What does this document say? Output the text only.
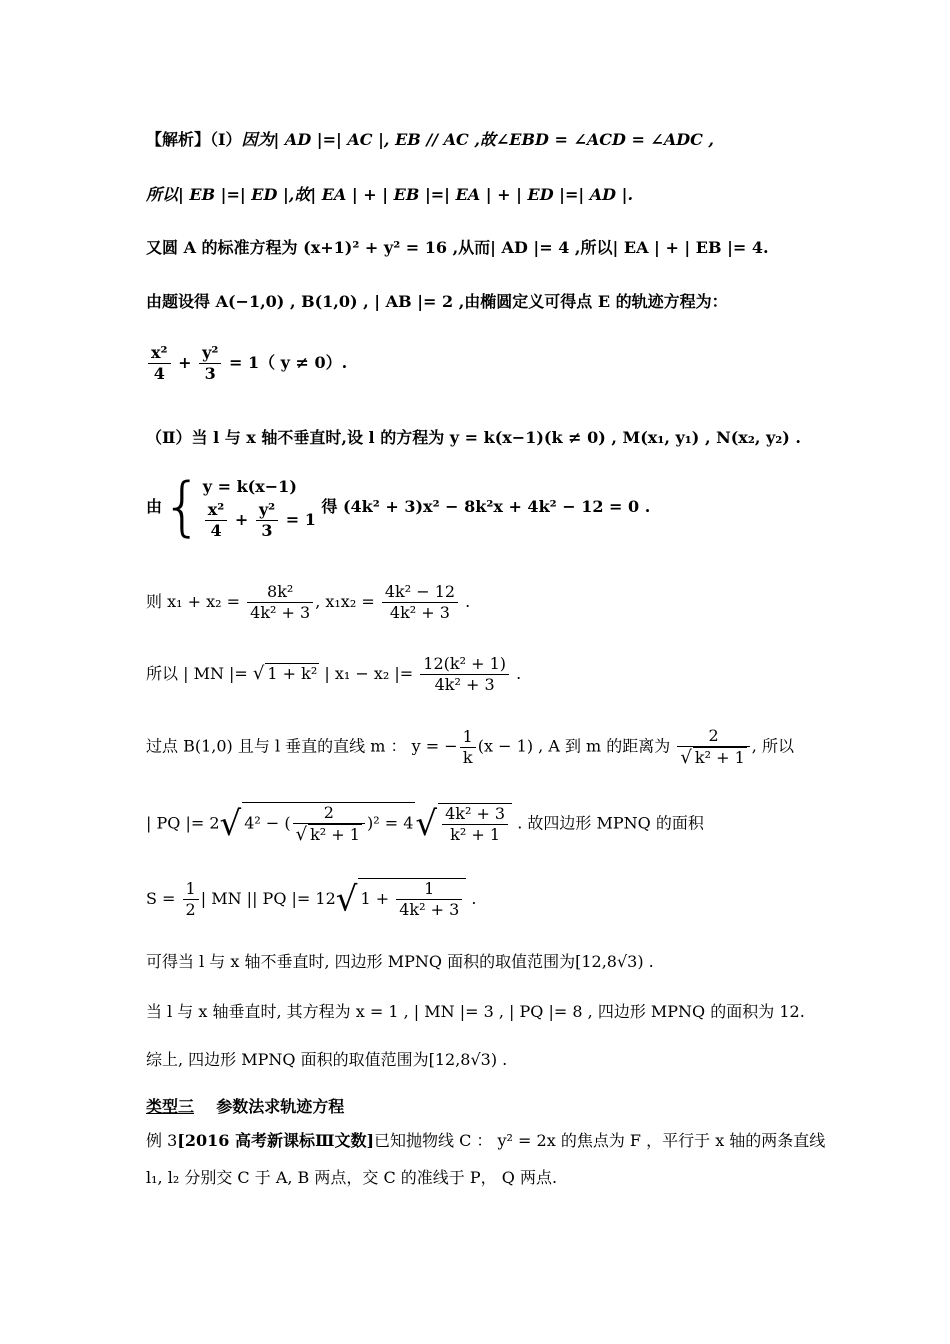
【解析】（Ⅰ）因为| AD |=| AC |, EB // AC ,故∠EBD = ∠ACD = ∠ADC ,
所以| EB |=| ED |,故| EA | + | EB |=| EA | + | ED |=| AD |.
又圆 A 的标准方程为 (x+1)² + y² = 16 ,从而| AD |= 4 ,所以| EA | + | EB |= 4.
由题设得 A(−1,0) , B(1,0) , | AB |= 2 ,由椭圆定义可得点 E 的轨迹方程为：
$\frac{\text{x²}}{4} + \frac{\text{y²}}{3} = 1$（ y ≠ 0）.
（Ⅱ）当 l 与 x 轴不垂直时,设 l 的方程为 y = k(x−1)(k ≠ 0) , M(x₁, y₁) , N(x₂, y₂) .
由{ y = k(x−1)
$\frac{\text{x²}}{4} + \frac{\text{y²}}{3} = 1$
得 (4k² + 3)x² − 8k²x + 4k² − 12 = 0 .
则 $x_1 + x_2 = \frac{\text{8k²}}{\text{4k² + 3}}$ , $x_1x_2 = \frac{\text{4k² − 12}}{\text{4k² + 3}}$ .
所以 | MN |= √ 1 + k² | x₁ − x₂ |= $\frac{\text{12(k² + 1)}}{\text{4k² + 3}}$ .
过点 B(1,0) 且与 l 垂直的直线 m ： y = − $\frac{1}{k} (x - 1)$ , A 到 m 的距离为 $\frac{2}{\text{√ k² + 1}}$ , 所以
| PQ |= 2√ 4² − ( $\frac{2}{\text{√ k² + 1}} )^2 = 4√ \frac{\text{4k² + 3}}{\text{k² + 1}}$ . 故四边形 MPNQ 的面积
$S = \frac{1}{2}$ | MN || PQ |= 12√ $1 + \frac{1}{\text{4k² + 3}}$ .
可得当 l 与 x 轴不垂直时, 四边形 MPNQ 面积的取值范围为[12,8√3) .
当 l 与 x 轴垂直时, 其方程为 x = 1 , | MN |= 3 , | PQ |= 8 , 四边形 MPNQ 的面积为 12.
综上, 四边形 MPNQ 面积的取值范围为[12,8√3) .
类型三 参数法求轨迹方程
例 3[2016 高考新课标Ⅲ文数]已知抛物线 C ： y² = 2x 的焦点为 F ，平行于 x 轴的两条直线
l₁, l₂ 分别交 C 于 A, B 两点，交 C 的准线于 P， Q 两点.
